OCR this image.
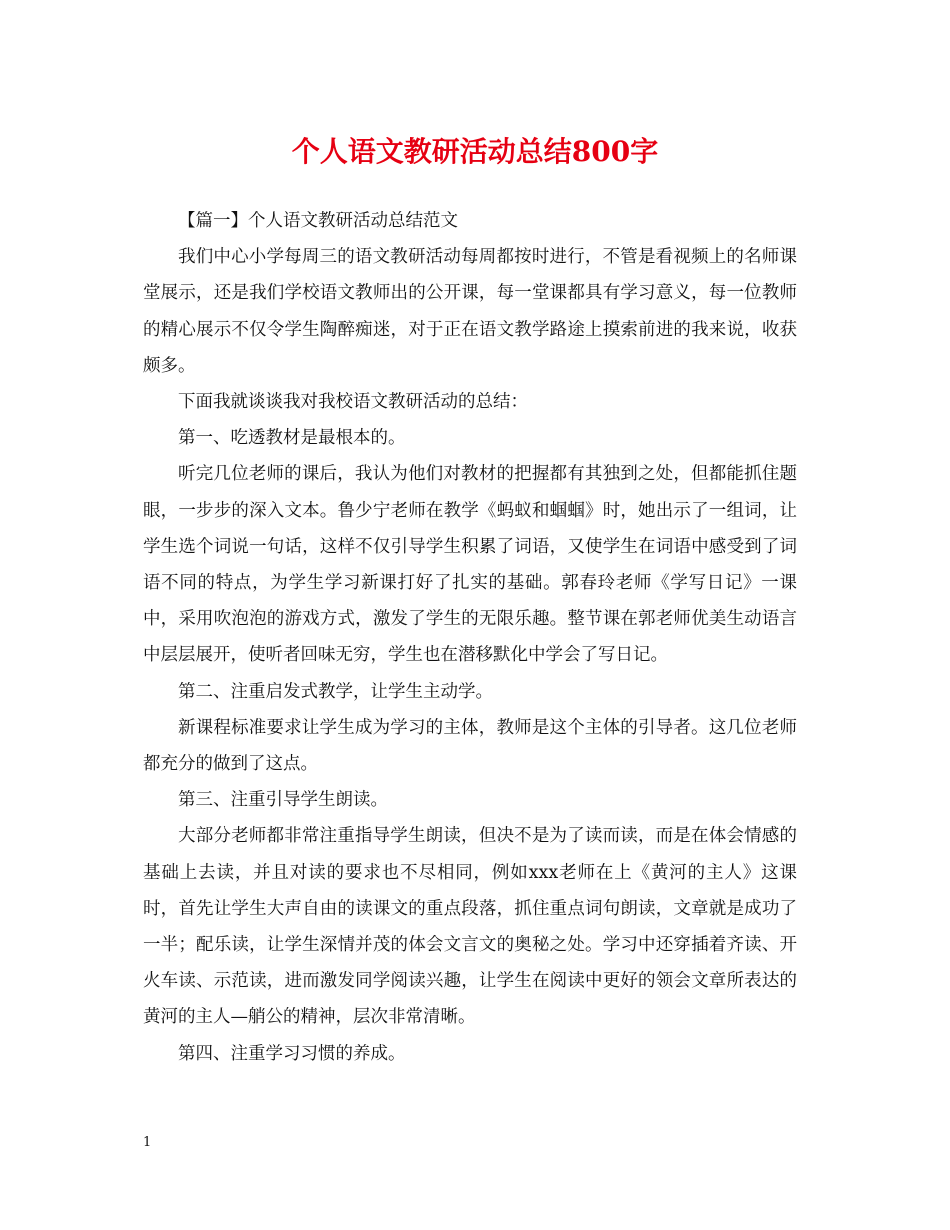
个人语文教研活动总结800字

【篇一】个人语文教研活动总结范文

我们中心小学每周三的语文教研活动每周都按时进行，不管是看视频上的名师课堂展示，还是我们学校语文教师出的公开课，每一堂课都具有学习意义，每一位教师的精心展示不仅令学生陶醉痴迷，对于正在语文教学路途上摸索前进的我来说，收获颇多。

下面我就谈谈我对我校语文教研活动的总结：

第一、吃透教材是最根本的。

听完几位老师的课后，我认为他们对教材的把握都有其独到之处，但都能抓住题眼，一步步的深入文本。鲁少宁老师在教学《蚂蚁和蝈蝈》时，她出示了一组词，让学生选个词说一句话，这样不仅引导学生积累了词语，又使学生在词语中感受到了词语不同的特点，为学生学习新课打好了扎实的基础。郭春玲老师《学写日记》一课中，采用吹泡泡的游戏方式，激发了学生的无限乐趣。整节课在郭老师优美生动语言中层层展开，使听者回味无穷，学生也在潜移默化中学会了写日记。

第二、注重启发式教学，让学生主动学。

新课程标准要求让学生成为学习的主体，教师是这个主体的引导者。这几位老师都充分的做到了这点。

第三、注重引导学生朗读。

大部分老师都非常注重指导学生朗读，但决不是为了读而读，而是在体会情感的基础上去读，并且对读的要求也不尽相同，例如xxx老师在上《黄河的主人》这课时，首先让学生大声自由的读课文的重点段落，抓住重点词句朗读，文章就是成功了一半；配乐读，让学生深情并茂的体会文言文的奥秘之处。学习中还穿插着齐读、开火车读、示范读，进而激发同学阅读兴趣，让学生在阅读中更好的领会文章所表达的黄河的主人—艄公的精神，层次非常清晰。

第四、注重学习习惯的养成。

1
